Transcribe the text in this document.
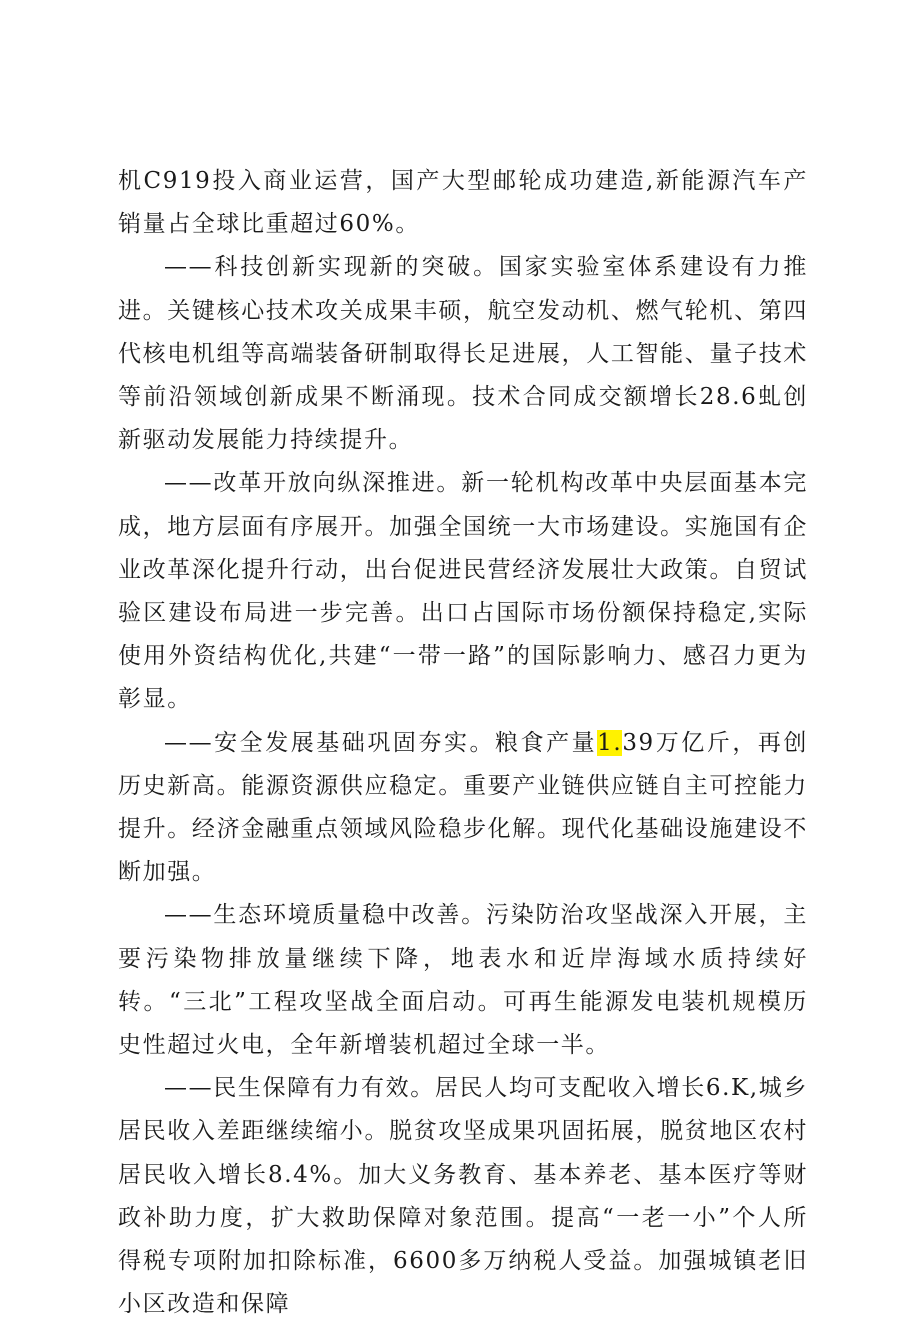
机C919投入商业运营，国产大型邮轮成功建造,新能源汽车产销量占全球比重超过60%。

——科技创新实现新的突破。国家实验室体系建设有力推进。关键核心技术攻关成果丰硕，航空发动机、燃气轮机、第四代核电机组等高端装备研制取得长足进展，人工智能、量子技术等前沿领域创新成果不断涌现。技术合同成交额增长28.6虬创新驱动发展能力持续提升。

——改革开放向纵深推进。新一轮机构改革中央层面基本完成，地方层面有序展开。加强全国统一大市场建设。实施国有企业改革深化提升行动，出台促进民营经济发展壮大政策。自贸试验区建设布局进一步完善。出口占国际市场份额保持稳定,实际使用外资结构优化,共建“一带一路”的国际影响力、感召力更为彰显。

——安全发展基础巩固夯实。粮食产量1.39万亿斤，再创历史新高。能源资源供应稳定。重要产业链供应链自主可控能力提升。经济金融重点领域风险稳步化解。现代化基础设施建设不断加强。

——生态环境质量稳中改善。污染防治攻坚战深入开展，主要污染物排放量继续下降，地表水和近岸海域水质持续好转。“三北”工程攻坚战全面启动。可再生能源发电装机规模历史性超过火电，全年新增装机超过全球一半。

——民生保障有力有效。居民人均可支配收入增长6.K,城乡居民收入差距继续缩小。脱贫攻坚成果巩固拓展，脱贫地区农村居民收入增长8.4%。加大义务教育、基本养老、基本医疗等财政补助力度，扩大救助保障对象范围。提高“一老一小”个人所得税专项附加扣除标准，6600多万纳税人受益。加强城镇老旧小区改造和保障
